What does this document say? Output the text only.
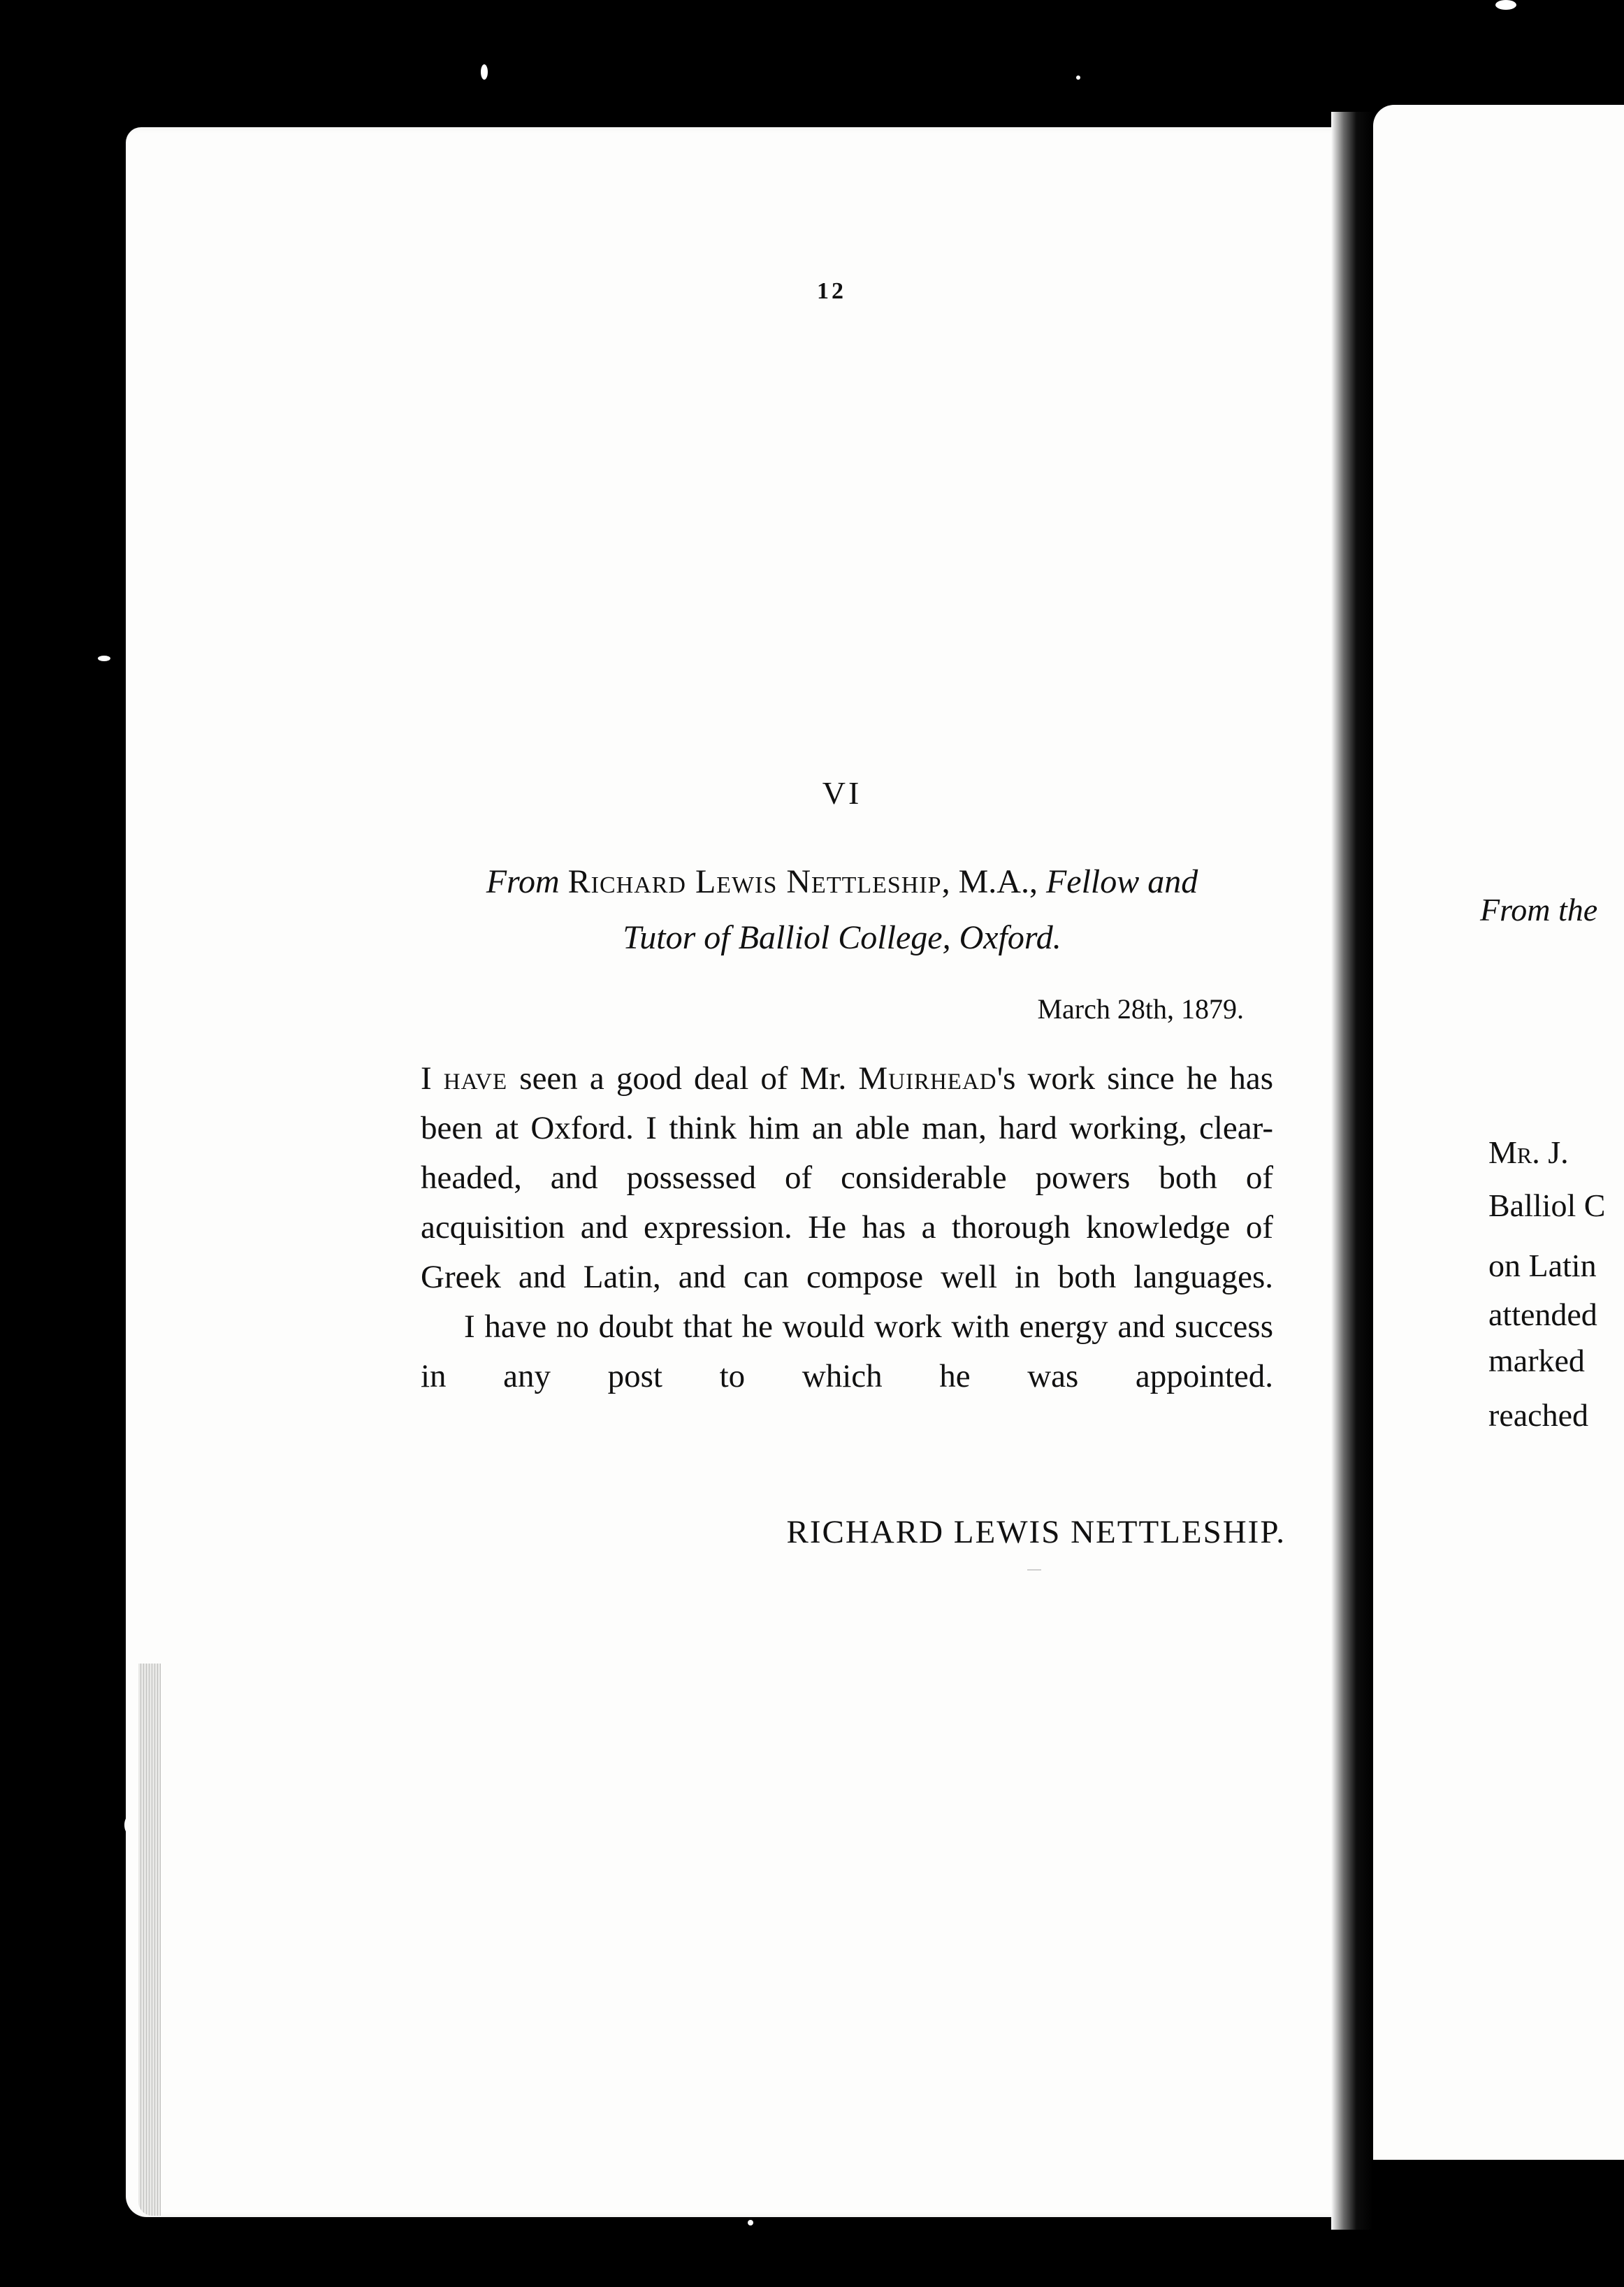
12
VI
From Richard Lewis Nettleship, M.A., Fellow and
Tutor of Balliol College, Oxford.
March 28th, 1879.

I have seen a good deal of Mr. Muirhead's work since he has been at Oxford. I think him an able man, hard working, clear-headed, and possessed of considerable powers both of acquisition and expression. He has a thorough knowledge of Greek and Latin, and can compose well in both languages.

I have no doubt that he would work with energy and success in any post to which he was appointed.

RICHARD LEWIS NETTLESHIP.
From the
Mr. J.
Balliol C
on Latin
attended
marked
reached
